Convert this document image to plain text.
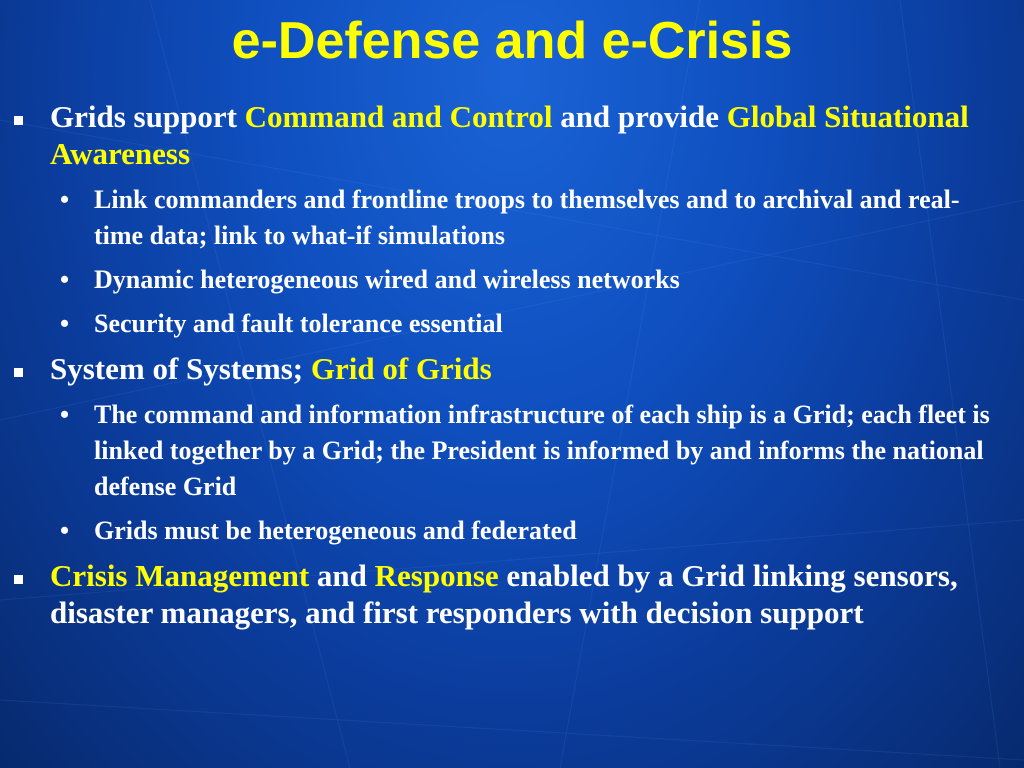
e-Defense and e-Crisis
Grids support Command and Control and provide Global Situational Awareness
• Link commanders and frontline troops to themselves and to archival and real-time data; link to what-if simulations
• Dynamic heterogeneous wired and wireless networks
• Security and fault tolerance essential
System of Systems; Grid of Grids
• The command and information infrastructure of each ship is a Grid; each fleet is linked together by a Grid; the President is informed by and informs the national defense Grid
• Grids must be heterogeneous and federated
Crisis Management and Response enabled by a Grid linking sensors, disaster managers, and first responders with decision support
